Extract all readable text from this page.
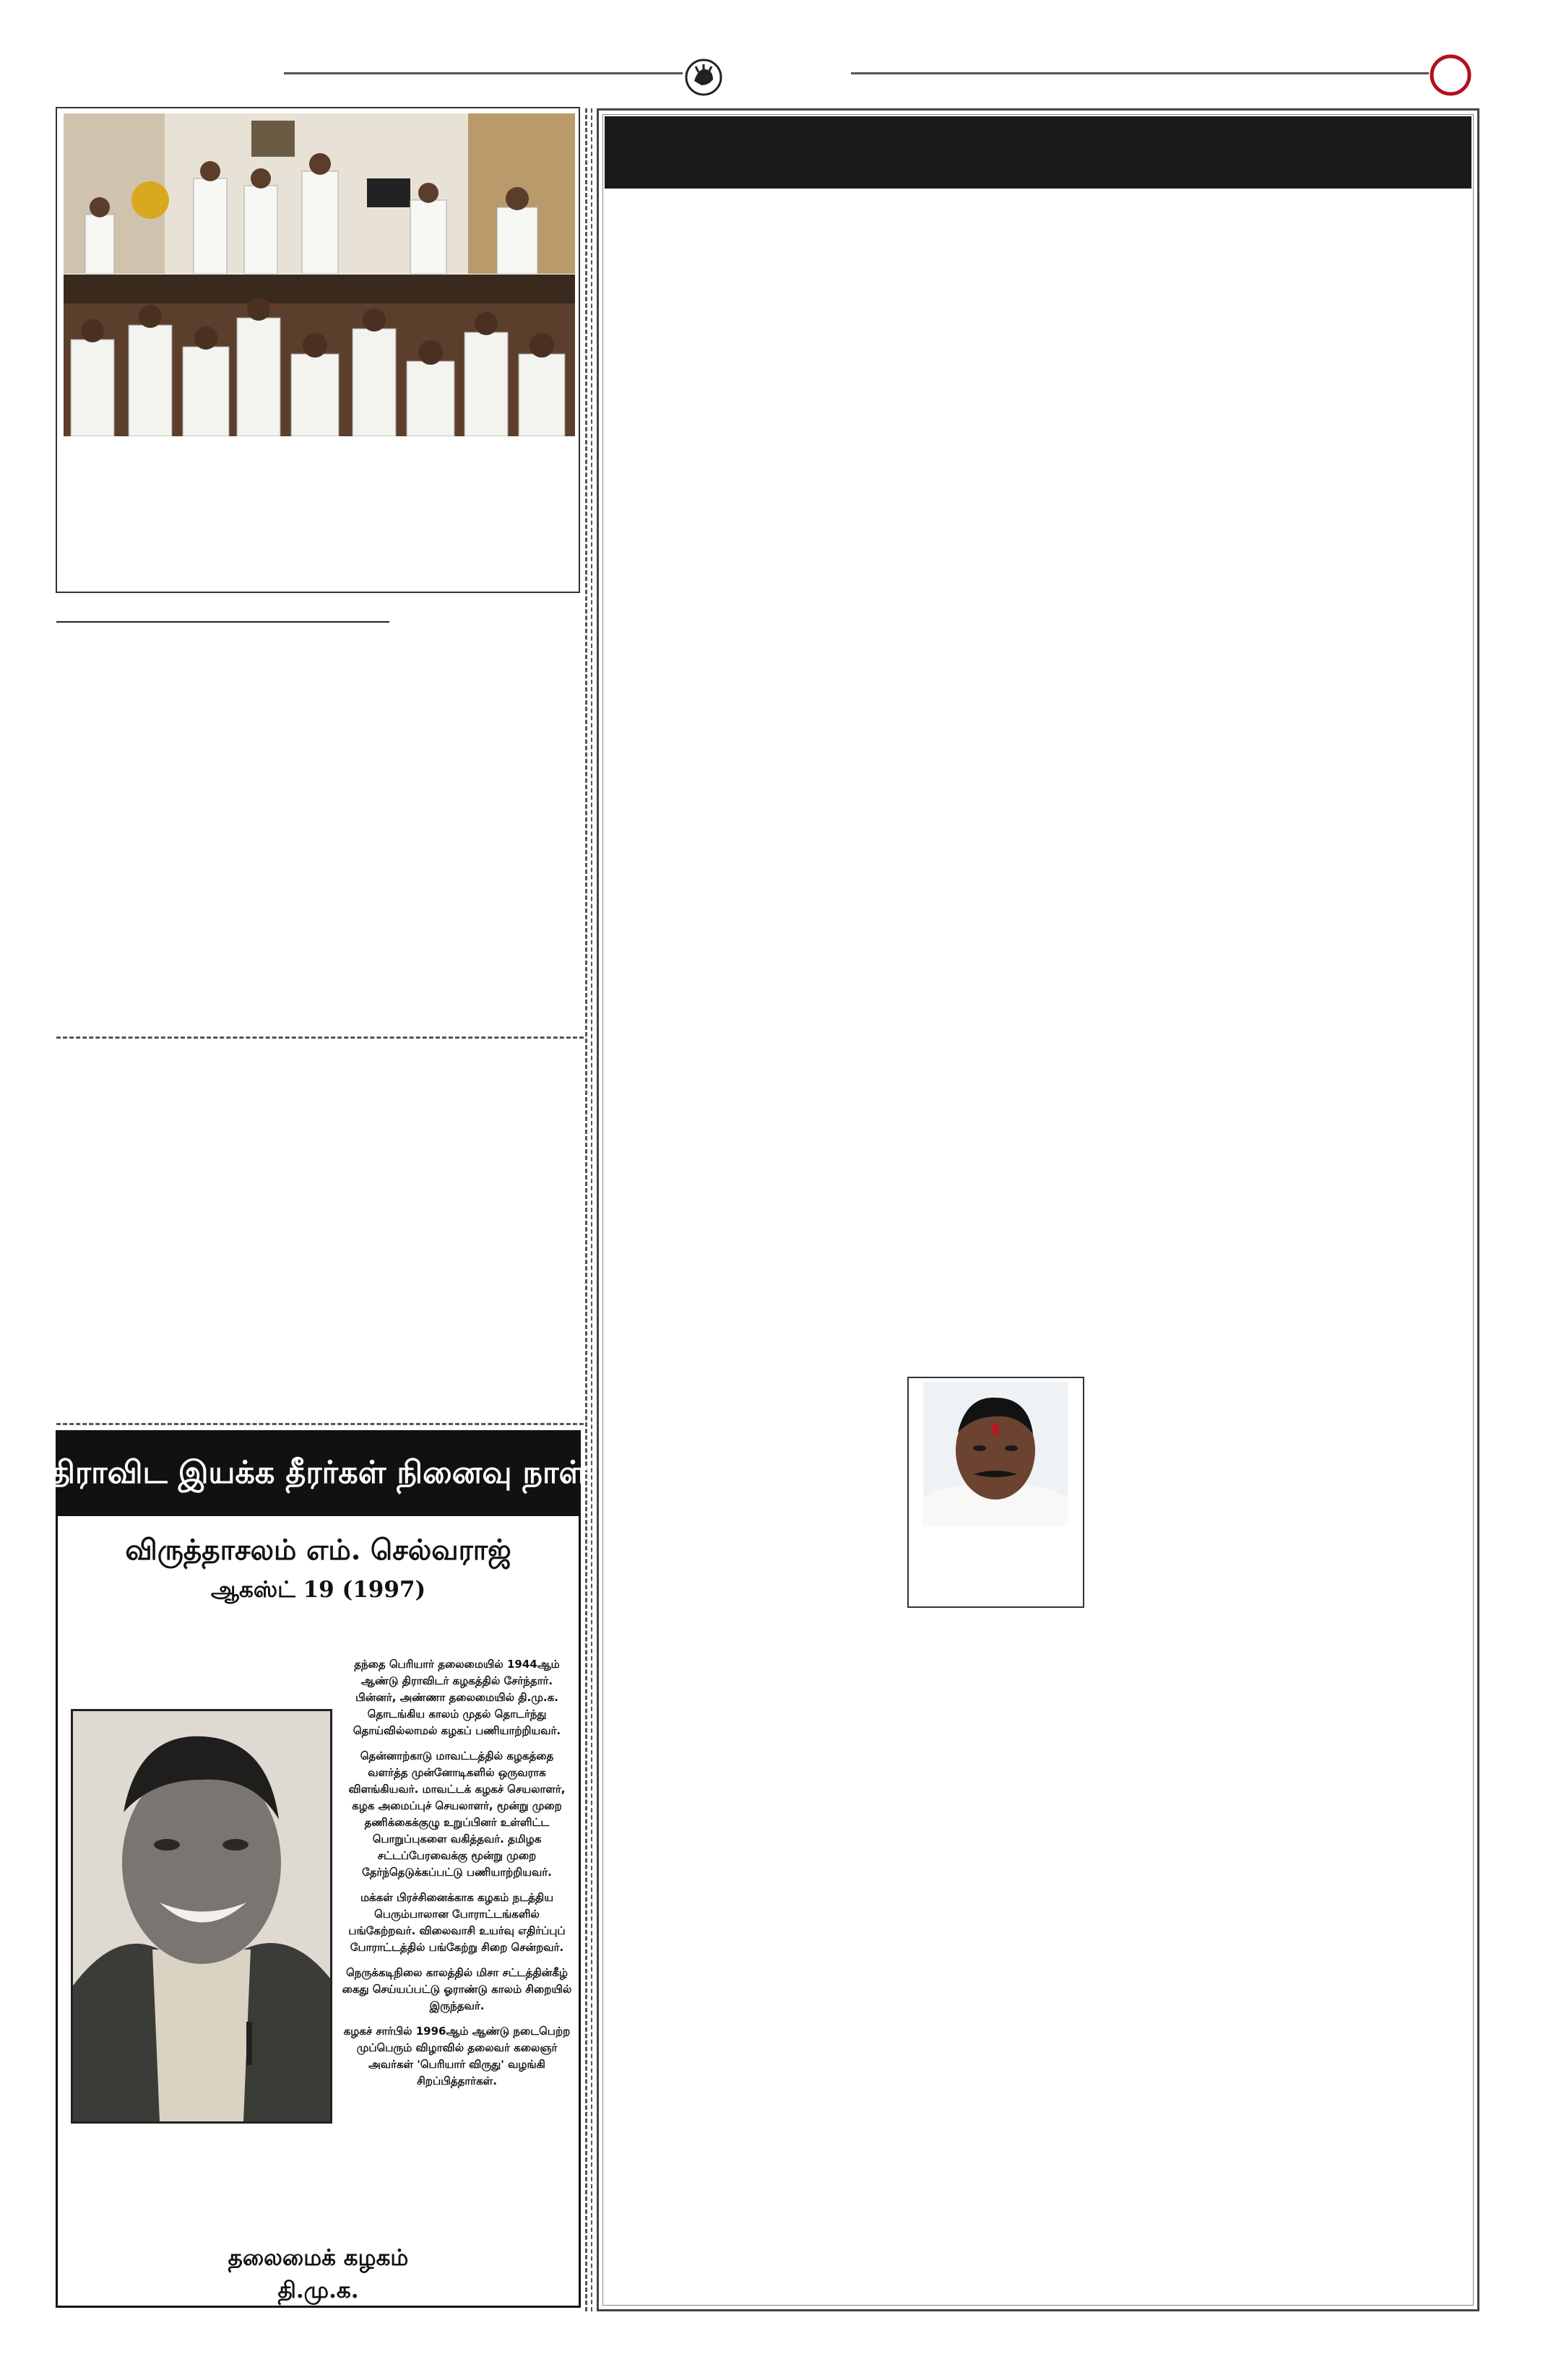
திராவிட இயக்க தீரர்கள் நினைவு நாள்
விருத்தாசலம் எம். செல்வராஜ்
ஆகஸ்ட் 19 (1997)

தந்தை பெரியார் தலைமையில் 1944ஆம் ஆண்டு திராவிடர் கழகத்தில் சேர்ந்தார். பின்னர், அண்ணா தலைமையில் தி.மு.க. தொடங்கிய காலம் முதல் தொடர்ந்து தொய்வில்லாமல் கழகப் பணியாற்றியவர்.

தென்னாற்காடு மாவட்டத்தில் கழகத்தை வளர்த்த முன்னோடிகளில் ஒருவராக விளங்கியவர். மாவட்டக் கழகச் செயலாளர், கழக அமைப்புச் செயலாளர், மூன்று முறை தணிக்கைக்குழு உறுப்பினர் உள்ளிட்ட பொறுப்புகளை வகித்தவர். தமிழக சட்டப்பேரவைக்கு மூன்று முறை தேர்ந்தெடுக்கப்பட்டு பணியாற்றியவர்.

மக்கள் பிரச்சினைக்காக கழகம் நடத்திய பெரும்பாலான போராட்டங்களில் பங்கேற்றவர். விலைவாசி உயர்வு எதிர்ப்புப் போராட்டத்தில் பங்கேற்று சிறை சென்றவர்.

நெருக்கடிநிலை காலத்தில் மிசா சட்டத்தின்கீழ் கைது செய்யப்பட்டு ஓராண்டு காலம் சிறையில் இருந்தவர்.

கழகச் சார்பில் 1996ஆம் ஆண்டு நடைபெற்ற முப்பெரும் விழாவில் தலைவர் கலைஞர் அவர்கள் 'பெரியார் விருது' வழங்கி சிறப்பித்தார்கள்.

தலைமைக் கழகம்
தி.மு.க.
